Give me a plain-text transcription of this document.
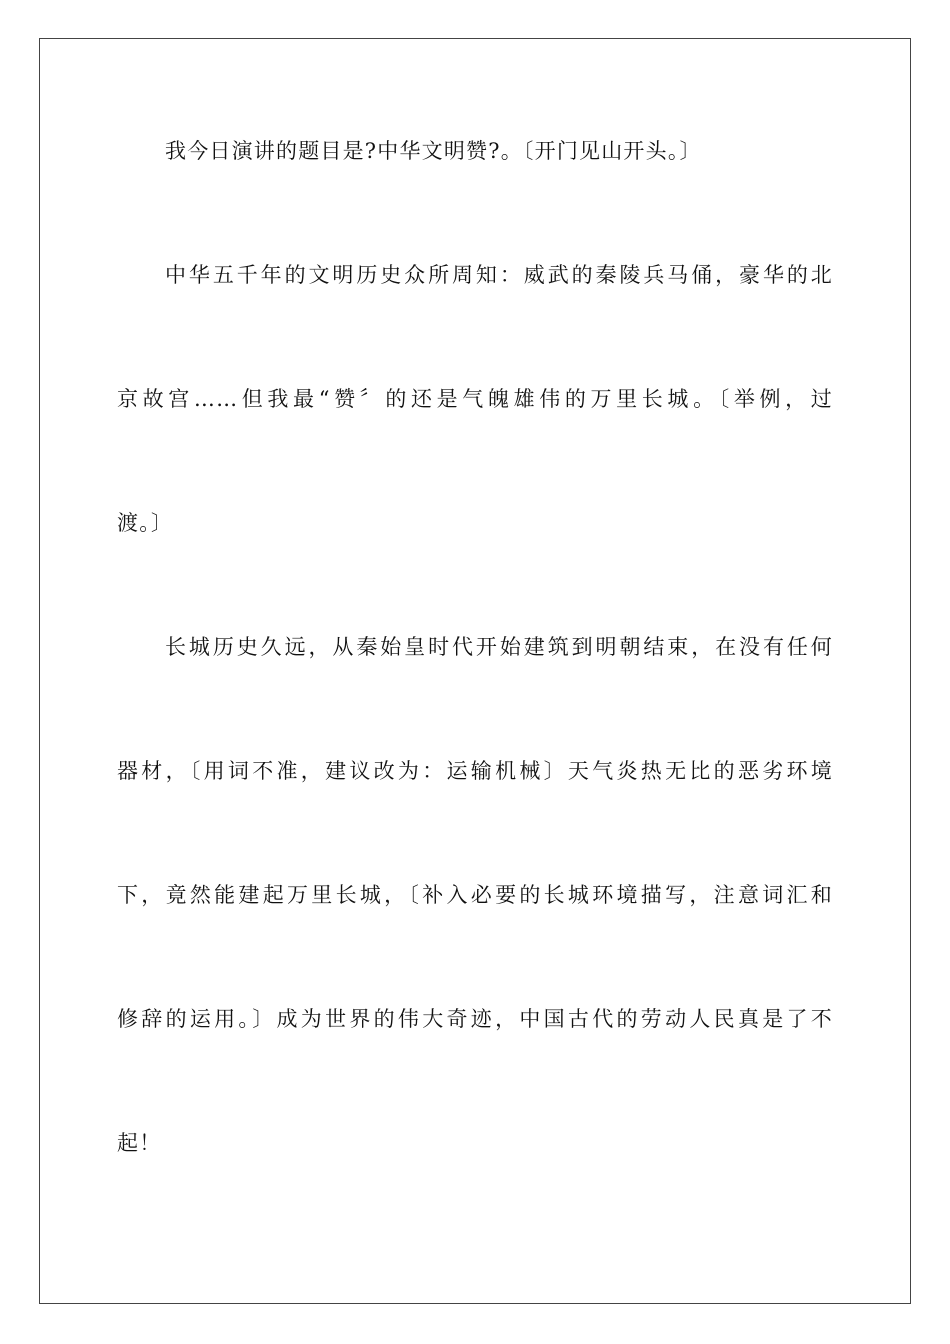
我今日演讲的题目是?中华文明赞?。〔开门见山开头。〕
中华五千年的文明历史众所周知：威武的秦陵兵马俑，豪华的北
京故宫……但我最“赞〞的还是气魄雄伟的万里长城。〔举例，过
渡。〕
长城历史久远，从秦始皇时代开始建筑到明朝结束，在没有任何
器材，〔用词不准，建议改为：运输机械〕天气炎热无比的恶劣环境
下，竟然能建起万里长城，〔补入必要的长城环境描写，注意词汇和
修辞的运用。〕成为世界的伟大奇迹，中国古代的劳动人民真是了不
起！
